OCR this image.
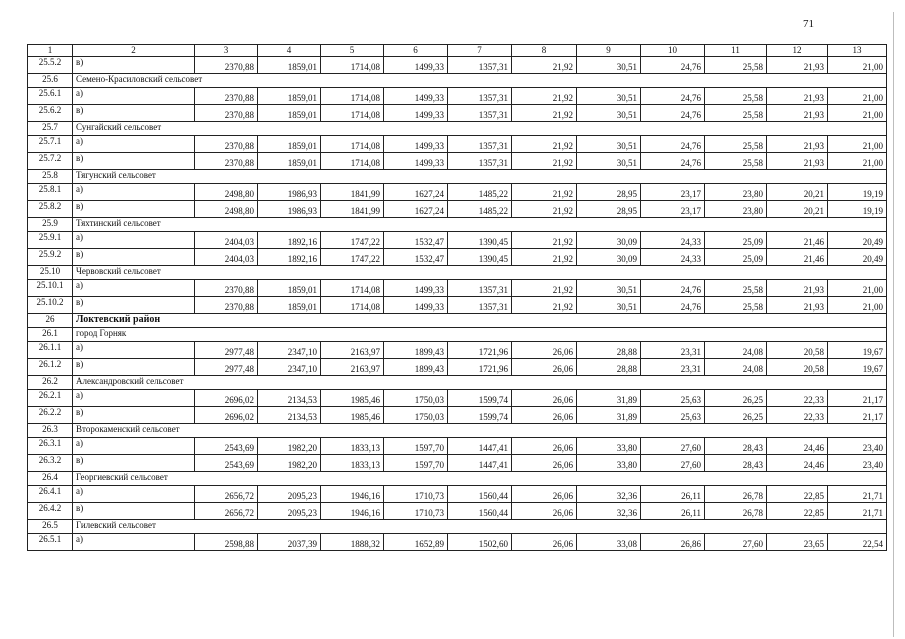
71
1	2	3	4	5	6	7	8	9	10	11	12	13
25.5.2	в)	2370,88	1859,01	1714,08	1499,33	1357,31	21,92	30,51	24,76	25,58	21,93	21,00
25.6	Семено-Красиловский сельсовет											
25.6.1	а)	2370,88	1859,01	1714,08	1499,33	1357,31	21,92	30,51	24,76	25,58	21,93	21,00
25.6.2	в)	2370,88	1859,01	1714,08	1499,33	1357,31	21,92	30,51	24,76	25,58	21,93	21,00
25.7	Сунгайский сельсовет											
25.7.1	а)	2370,88	1859,01	1714,08	1499,33	1357,31	21,92	30,51	24,76	25,58	21,93	21,00
25.7.2	в)	2370,88	1859,01	1714,08	1499,33	1357,31	21,92	30,51	24,76	25,58	21,93	21,00
25.8	Тягунский сельсовет											
25.8.1	а)	2498,80	1986,93	1841,99	1627,24	1485,22	21,92	28,95	23,17	23,80	20,21	19,19
25.8.2	в)	2498,80	1986,93	1841,99	1627,24	1485,22	21,92	28,95	23,17	23,80	20,21	19,19
25.9	Тяхтинский сельсовет											
25.9.1	а)	2404,03	1892,16	1747,22	1532,47	1390,45	21,92	30,09	24,33	25,09	21,46	20,49
25.9.2	в)	2404,03	1892,16	1747,22	1532,47	1390,45	21,92	30,09	24,33	25,09	21,46	20,49
25.10	Червовский сельсовет											
25.10.1	а)	2370,88	1859,01	1714,08	1499,33	1357,31	21,92	30,51	24,76	25,58	21,93	21,00
25.10.2	в)	2370,88	1859,01	1714,08	1499,33	1357,31	21,92	30,51	24,76	25,58	21,93	21,00
26	Локтевский район											
26.1	город Горняк											
26.1.1	а)	2977,48	2347,10	2163,97	1899,43	1721,96	26,06	28,88	23,31	24,08	20,58	19,67
26.1.2	в)	2977,48	2347,10	2163,97	1899,43	1721,96	26,06	28,88	23,31	24,08	20,58	19,67
26.2	Александровский сельсовет											
26.2.1	а)	2696,02	2134,53	1985,46	1750,03	1599,74	26,06	31,89	25,63	26,25	22,33	21,17
26.2.2	в)	2696,02	2134,53	1985,46	1750,03	1599,74	26,06	31,89	25,63	26,25	22,33	21,17
26.3	Второкаменский сельсовет											
26.3.1	а)	2543,69	1982,20	1833,13	1597,70	1447,41	26,06	33,80	27,60	28,43	24,46	23,40
26.3.2	в)	2543,69	1982,20	1833,13	1597,70	1447,41	26,06	33,80	27,60	28,43	24,46	23,40
26.4	Георгиевский сельсовет											
26.4.1	а)	2656,72	2095,23	1946,16	1710,73	1560,44	26,06	32,36	26,11	26,78	22,85	21,71
26.4.2	в)	2656,72	2095,23	1946,16	1710,73	1560,44	26,06	32,36	26,11	26,78	22,85	21,71
26.5	Гилевский сельсовет											
26.5.1	а)	2598,88	2037,39	1888,32	1652,89	1502,60	26,06	33,08	26,86	27,60	23,65	22,54
